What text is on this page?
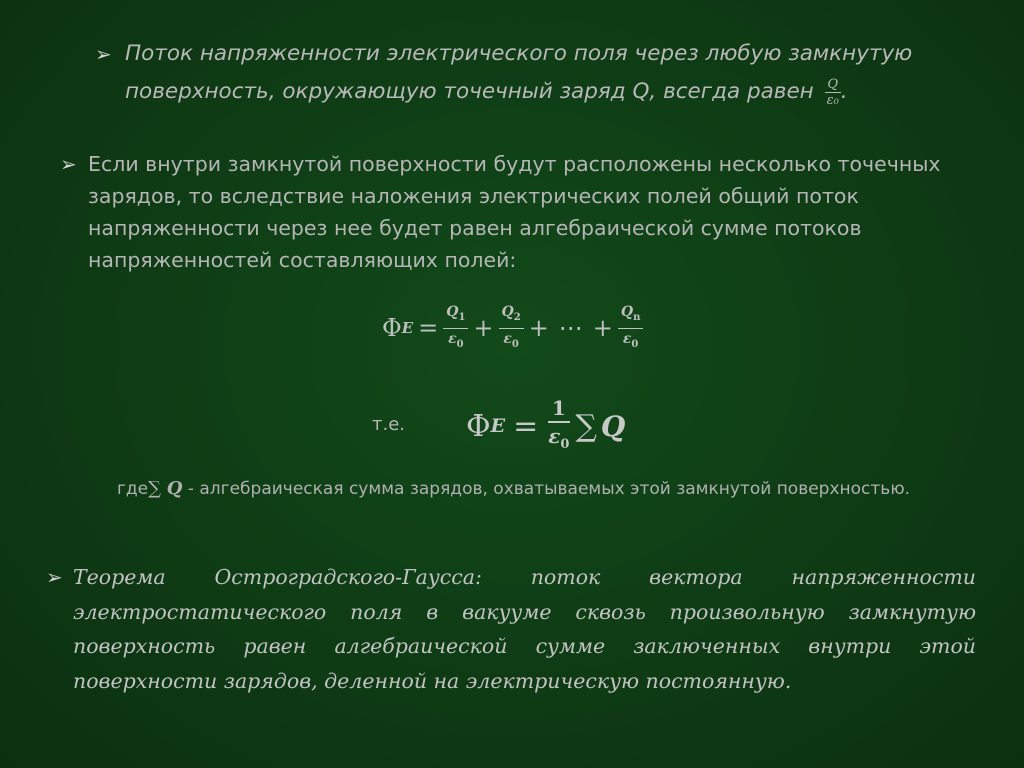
➢ Поток напряженности электрического поля через любую замкнутую поверхность, окружающую точечный заряд Q, всегда равен $\frac{Q}{\text{ε₀}}$ .
➢ Если внутри замкнутой поверхности будут расположены несколько точечных зарядов, то вследствие наложения электрических полей общий поток напряженности через нее будет равен алгебраической сумме потоков напряженностей составляющих полей:
Φ $E = \frac{Q_1}{\varepsilon_0} + \frac{Q_2}{\varepsilon_0}$ + ⋯ + $\frac{Q_n}{\varepsilon_0}$
т.е. Φ $E = \frac{1}{\varepsilon_0}$ ∑ Q
где∑ Q - алгебраическая сумма зарядов, охватываемых этой замкнутой поверхностью.
➢ Теорема Остроградского-Гаусса: поток вектора напряженности электростатического поля в вакууме сквозь произвольную замкнутую поверхность равен алгебраической сумме заключенных внутри этой поверхности зарядов, деленной на электрическую постоянную.
